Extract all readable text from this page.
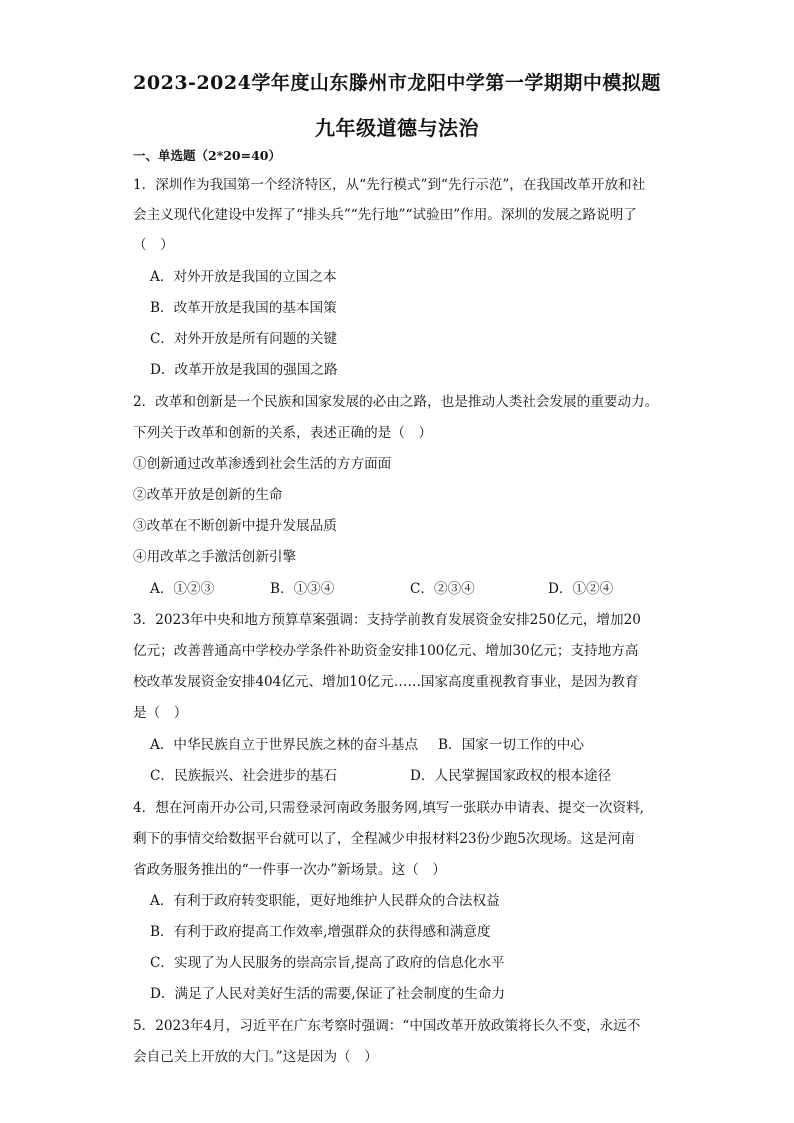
2023-2024学年度山东滕州市龙阳中学第一学期期中模拟题
九年级道德与法治
一、单选题（2*20=40）
1．深圳作为我国第一个经济特区，从“先行模式”到“先行示范”，在我国改革开放和社
会主义现代化建设中发挥了“排头兵”“先行地”“试验田”作用。深圳的发展之路说明了
（　）
A．对外开放是我国的立国之本
B．改革开放是我国的基本国策
C．对外开放是所有问题的关键
D．改革开放是我国的强国之路
2．改革和创新是一个民族和国家发展的必由之路，也是推动人类社会发展的重要动力。
下列关于改革和创新的关系，表述正确的是（　）
①创新通过改革渗透到社会生活的方方面面
②改革开放是创新的生命
③改革在不断创新中提升发展品质
④用改革之手激活创新引擎
A．①②③	B．①③④	C．②③④	D．①②④
3．2023年中央和地方预算草案强调：支持学前教育发展资金安排250亿元，增加20
亿元；改善普通高中学校办学条件补助资金安排100亿元、增加30亿元；支持地方高
校改革发展资金安排404亿元、增加10亿元……国家高度重视教育事业，是因为教育
是（　）
A．中华民族自立于世界民族之林的奋斗基点 B．国家一切工作的中心
C．民族振兴、社会进步的基石	D．人民掌握国家政权的根本途径
4．想在河南开办公司,只需登录河南政务服务网,填写一张联办申请表、提交一次资料,
剩下的事情交给数据平台就可以了，全程减少申报材料23份少跑5次现场。这是河南
省政务服务推出的“一件事一次办”新场景。这（　）
A．有利于政府转变职能，更好地维护人民群众的合法权益
B．有利于政府提高工作效率,增强群众的获得感和满意度
C．实现了为人民服务的崇高宗旨,提高了政府的信息化水平
D．满足了人民对美好生活的需要,保证了社会制度的生命力
5．2023年4月，习近平在广东考察时强调：“中国改革开放政策将长久不变，永远不
会自己关上开放的大门。”这是因为（　）
